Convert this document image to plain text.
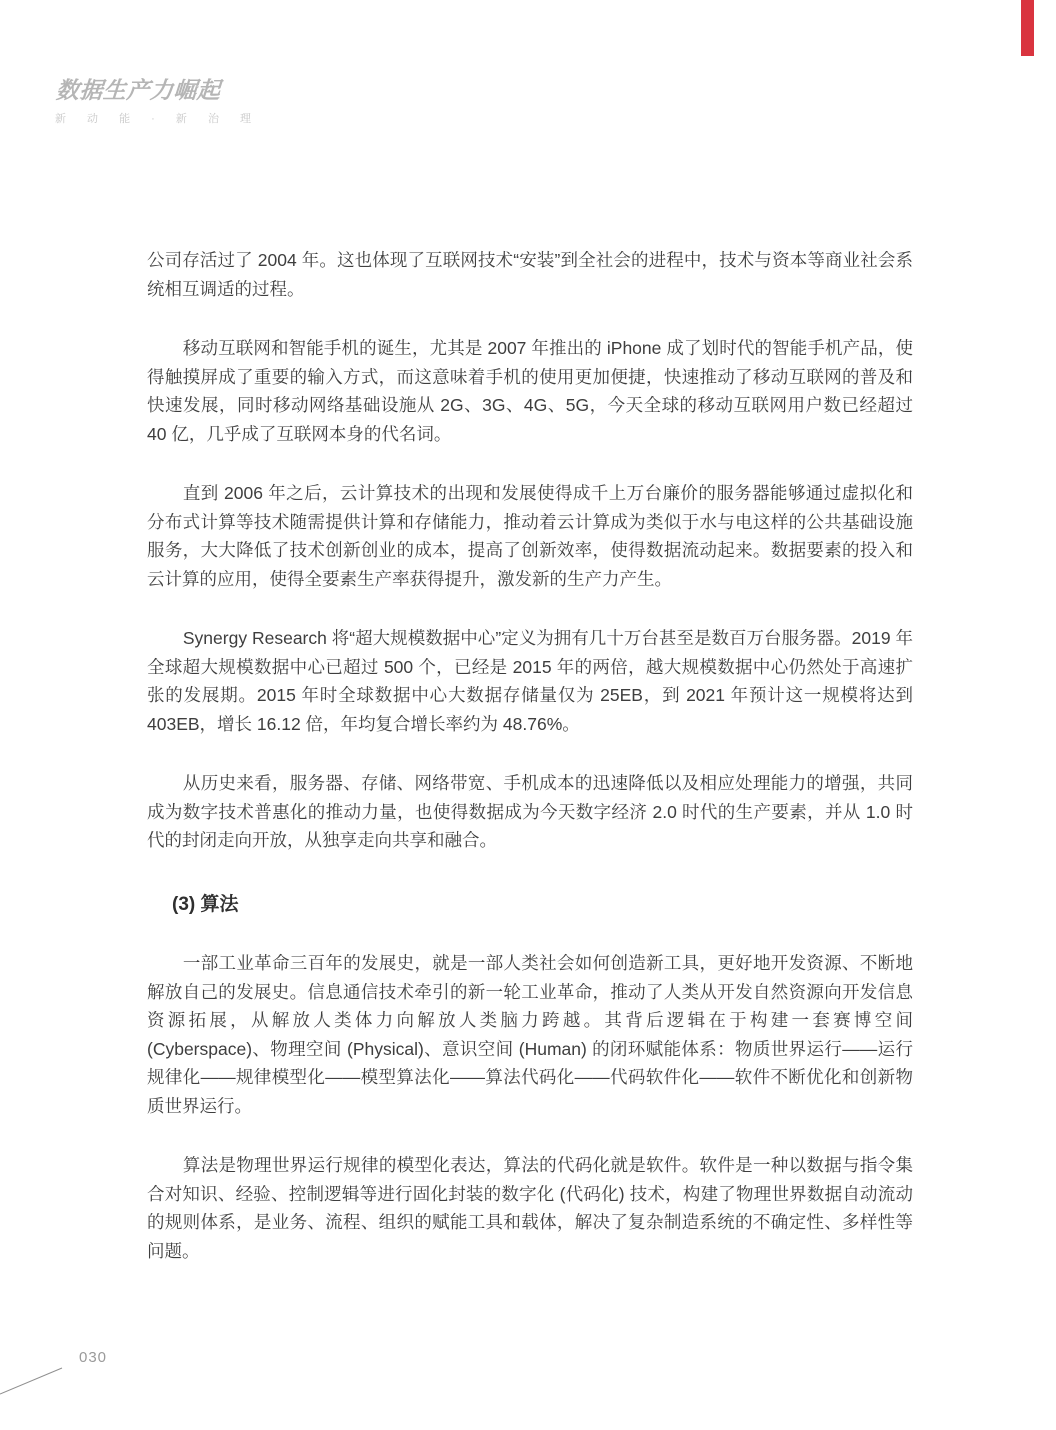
数据生产力崛起
新 动 能 · 新 治 理

公司存活过了 2004 年。这也体现了互联网技术“安装”到全社会的进程中，技术与资本等商业社会系统相互调适的过程。

移动互联网和智能手机的诞生，尤其是 2007 年推出的 iPhone 成了划时代的智能手机产品，使得触摸屏成了重要的输入方式，而这意味着手机的使用更加便捷，快速推动了移动互联网的普及和快速发展，同时移动网络基础设施从 2G、3G、4G、5G，今天全球的移动互联网用户数已经超过 40 亿，几乎成了互联网本身的代名词。

直到 2006 年之后，云计算技术的出现和发展使得成千上万台廉价的服务器能够通过虚拟化和分布式计算等技术随需提供计算和存储能力，推动着云计算成为类似于水与电这样的公共基础设施服务，大大降低了技术创新创业的成本，提高了创新效率，使得数据流动起来。数据要素的投入和云计算的应用，使得全要素生产率获得提升，激发新的生产力产生。

Synergy Research 将“超大规模数据中心”定义为拥有几十万台甚至是数百万台服务器。2019 年全球超大规模数据中心已超过 500 个，已经是 2015 年的两倍，越大规模数据中心仍然处于高速扩张的发展期。2015 年时全球数据中心大数据存储量仅为 25EB，到 2021 年预计这一规模将达到 403EB，增长 16.12 倍，年均复合增长率约为 48.76%。

从历史来看，服务器、存储、网络带宽、手机成本的迅速降低以及相应处理能力的增强，共同成为数字技术普惠化的推动力量，也使得数据成为今天数字经济 2.0 时代的生产要素，并从 1.0 时代的封闭走向开放，从独享走向共享和融合。

(3) 算法

一部工业革命三百年的发展史，就是一部人类社会如何创造新工具，更好地开发资源、不断地解放自己的发展史。信息通信技术牵引的新一轮工业革命，推动了人类从开发自然资源向开发信息资源拓展，从解放人类体力向解放人类脑力跨越。其背后逻辑在于构建一套赛博空间 (Cyberspace)、物理空间 (Physical)、意识空间 (Human) 的闭环赋能体系：物质世界运行——运行规律化——规律模型化——模型算法化——算法代码化——代码软件化——软件不断优化和创新物质世界运行。

算法是物理世界运行规律的模型化表达，算法的代码化就是软件。软件是一种以数据与指令集合对知识、经验、控制逻辑等进行固化封装的数字化 (代码化) 技术，构建了物理世界数据自动流动的规则体系，是业务、流程、组织的赋能工具和载体，解决了复杂制造系统的不确定性、多样性等问题。

030
